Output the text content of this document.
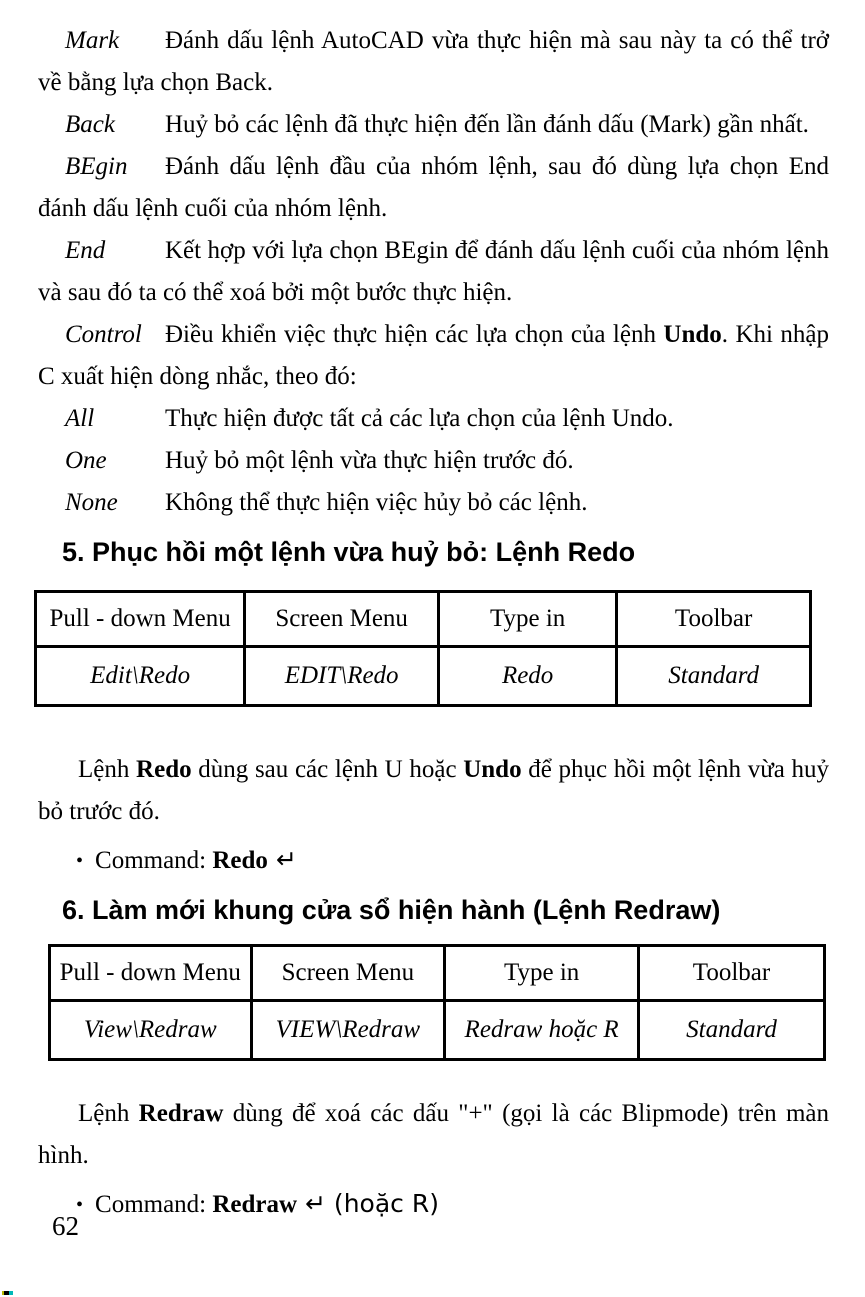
Mark Đánh dấu lệnh AutoCAD vừa thực hiện mà sau này ta có thể trở về bằng lựa chọn Back.

Back Huỷ bỏ các lệnh đã thực hiện đến lần đánh dấu (Mark) gần nhất.

BEgin Đánh dấu lệnh đầu của nhóm lệnh, sau đó dùng lựa chọn End đánh dấu lệnh cuối của nhóm lệnh.

End Kết hợp với lựa chọn BEgin để đánh dấu lệnh cuối của nhóm lệnh và sau đó ta có thể xoá bởi một bước thực hiện.

Control Điều khiển việc thực hiện các lựa chọn của lệnh Undo. Khi nhập C xuất hiện dòng nhắc, theo đó:

All	Thực hiện được tất cả các lựa chọn của lệnh Undo.

One Huỷ bỏ một lệnh vừa thực hiện trước đó.

None Không thể thực hiện việc hủy bỏ các lệnh.

5. Phục hồi một lệnh vừa huỷ bỏ: Lệnh Redo
Pull - down Menu	Screen Menu	Type in	Toolbar
Edit\Redo	EDIT\Redo	Redo	Standard

Lệnh Redo dùng sau các lệnh U hoặc Undo để phục hồi một lệnh vừa huỷ bỏ trước đó.

• Command: Redo ↵

6. Làm mới khung cửa sổ hiện hành (Lệnh Redraw)
Pull - down Menu	Screen Menu	Type in	Toolbar
View\Redraw	VIEW\Redraw	Redraw hoặc R	Standard

Lệnh Redraw dùng để xoá các dấu "+" (gọi là các Blipmode) trên màn hình.

• Command: Redraw ↵ (hoặc R)

62
